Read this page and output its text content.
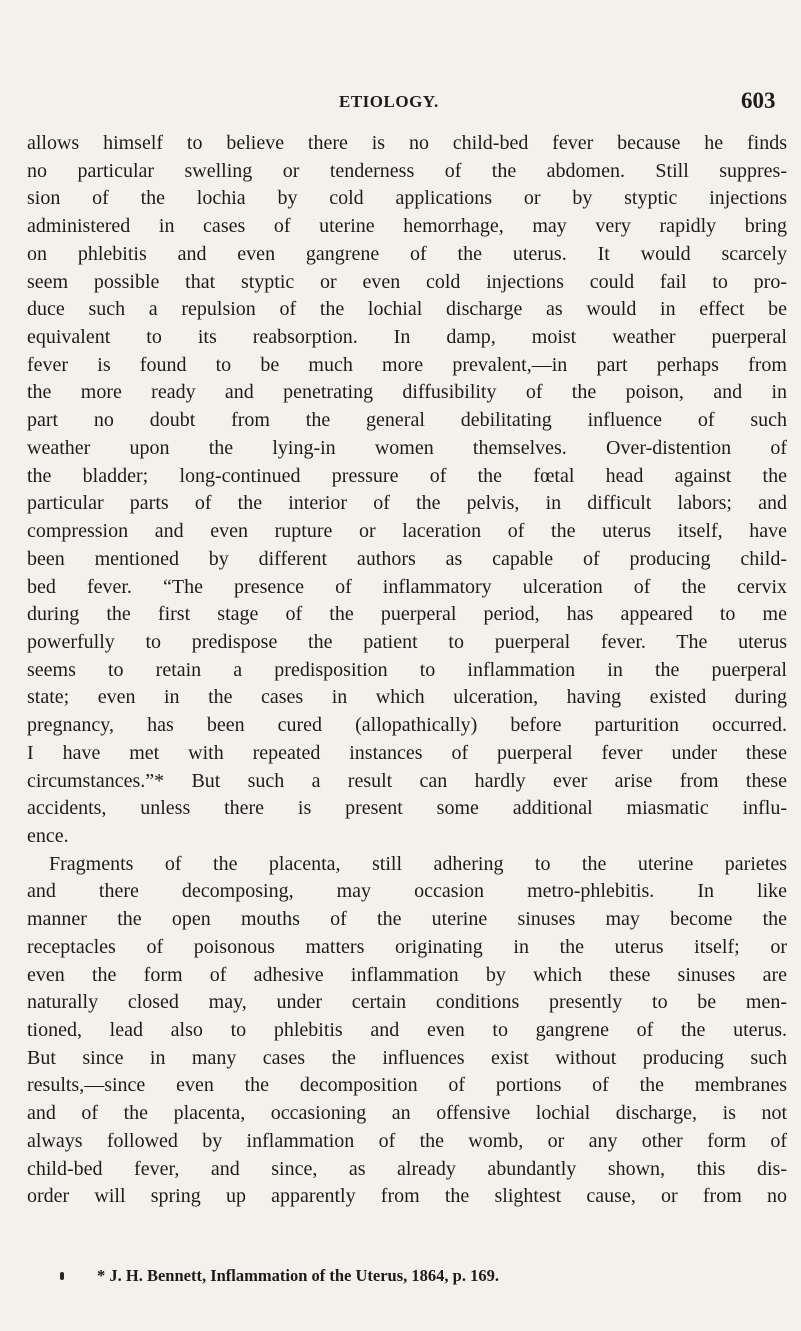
ETIOLOGY.	603
allows himself to believe there is no child-bed fever because he finds
no particular swelling or tenderness of the abdomen. Still suppres-
sion of the lochia by cold applications or by styptic injections
administered in cases of uterine hemorrhage, may very rapidly bring
on phlebitis and even gangrene of the uterus. It would scarcely
seem possible that styptic or even cold injections could fail to pro-
duce such a repulsion of the lochial discharge as would in effect be
equivalent to its reabsorption. In damp, moist weather puerperal
fever is found to be much more prevalent,—in part perhaps from
the more ready and penetrating diffusibility of the poison, and in
part no doubt from the general debilitating influence of such
weather upon the lying-in women themselves. Over-distention of
the bladder; long-continued pressure of the fœtal head against the
particular parts of the interior of the pelvis, in difficult labors; and
compression and even rupture or laceration of the uterus itself, have
been mentioned by different authors as capable of producing child-
bed fever. “The presence of inflammatory ulceration of the cervix
during the first stage of the puerperal period, has appeared to me
powerfully to predispose the patient to puerperal fever. The uterus
seems to retain a predisposition to inflammation in the puerperal
state; even in the cases in which ulceration, having existed during
pregnancy, has been cured (allopathically) before parturition occurred.
I have met with repeated instances of puerperal fever under these
circumstances.”* But such a result can hardly ever arise from these
accidents, unless there is present some additional miasmatic influ-
ence.
Fragments of the placenta, still adhering to the uterine parietes
and there decomposing, may occasion metro-phlebitis. In like
manner the open mouths of the uterine sinuses may become the
receptacles of poisonous matters originating in the uterus itself; or
even the form of adhesive inflammation by which these sinuses are
naturally closed may, under certain conditions presently to be men-
tioned, lead also to phlebitis and even to gangrene of the uterus.
But since in many cases the influences exist without producing such
results,—since even the decomposition of portions of the membranes
and of the placenta, occasioning an offensive lochial discharge, is not
always followed by inflammation of the womb, or any other form of
child-bed fever, and since, as already abundantly shown, this dis-
order will spring up apparently from the slightest cause, or from no
* J. H. Bennett, Inflammation of the Uterus, 1864, p. 169.
